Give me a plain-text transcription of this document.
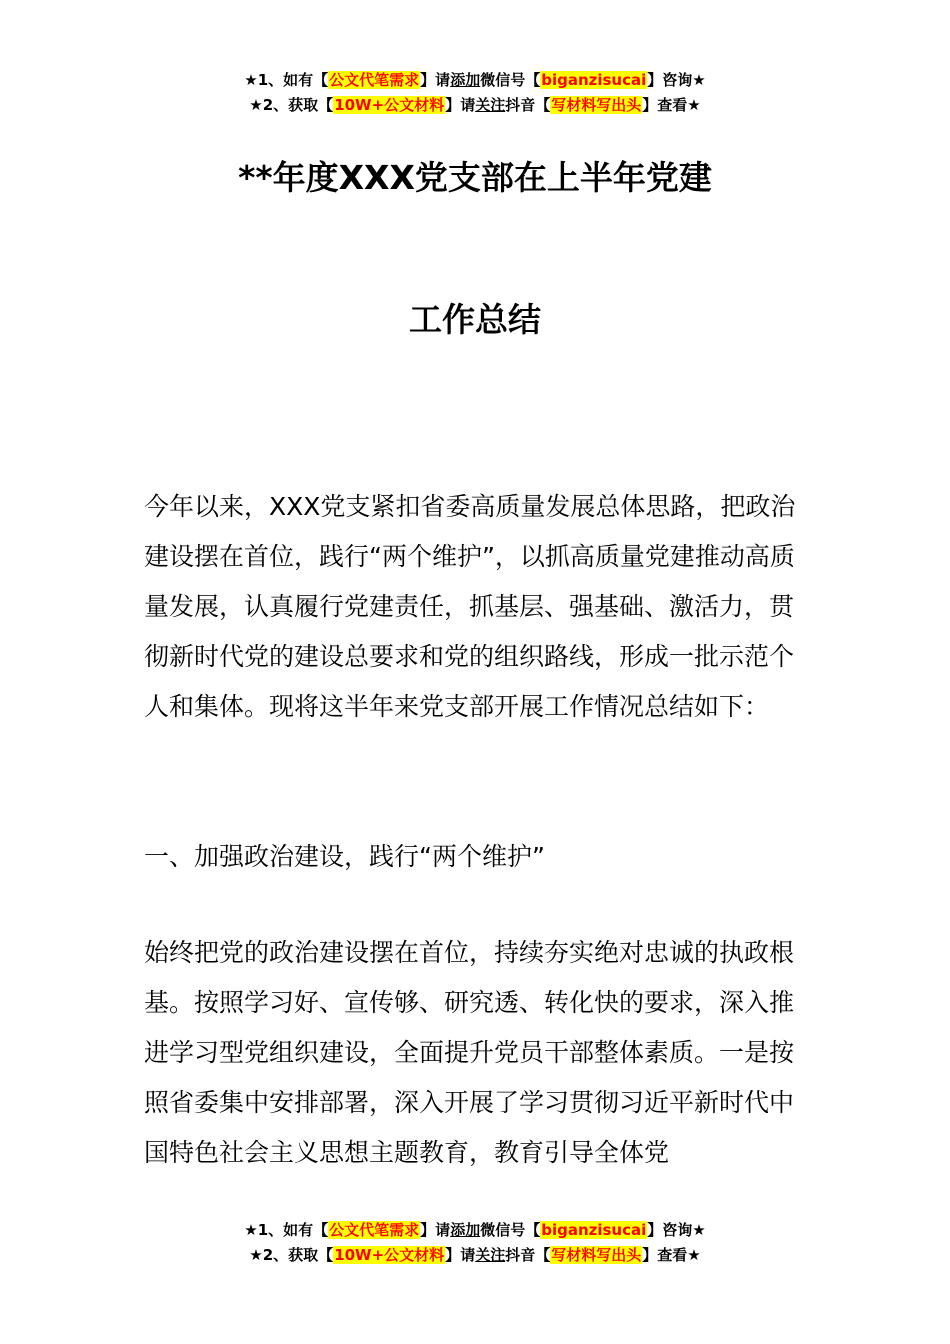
★1、如有【公文代笔需求】请添加微信号【biganzisucai】咨询★
★2、获取【10W+公文材料】请关注抖音【写材料写出头】查看★
**年度XXX党支部在上半年党建
工作总结

今年以来，XXX党支紧扣省委高质量发展总体思路，把政治建设摆在首位，践行“两个维护”，以抓高质量党建推动高质量发展，认真履行党建责任，抓基层、强基础、激活力，贯彻新时代党的建设总要求和党的组织路线，形成一批示范个人和集体。现将这半年来党支部开展工作情况总结如下：

一、加强政治建设，践行“两个维护”

始终把党的政治建设摆在首位，持续夯实绝对忠诚的执政根基。按照学习好、宣传够、研究透、转化快的要求，深入推进学习型党组织建设，全面提升党员干部整体素质。一是按照省委集中安排部署，深入开展了学习贯彻习近平新时代中国特色社会主义思想主题教育，教育引导全体党

★1、如有【公文代笔需求】请添加微信号【biganzisucai】咨询★
★2、获取【10W+公文材料】请关注抖音【写材料写出头】查看★
